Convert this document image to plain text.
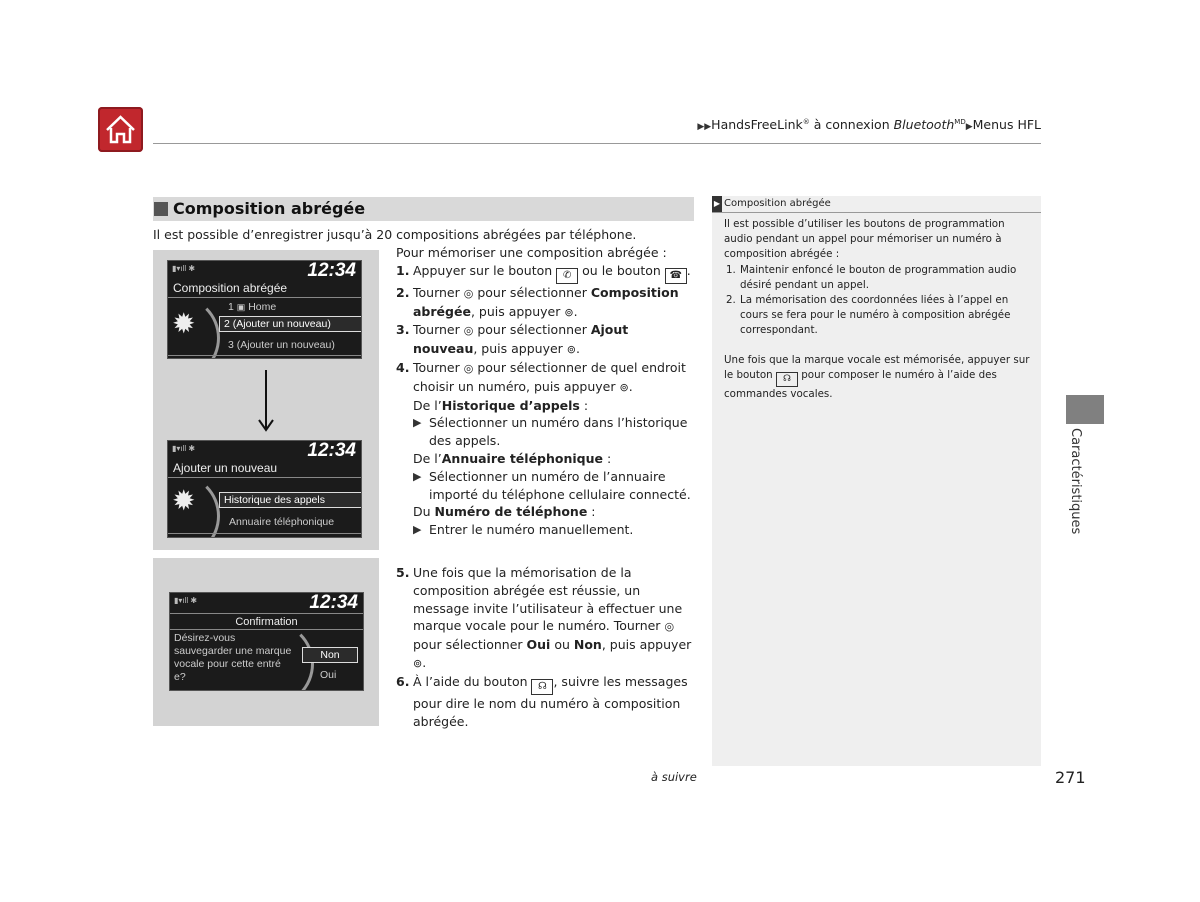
▶▶HandsFreeLink® à connexion Bluetooth$^{MD}$▶Menus HFL
Composition abrégée
Il est possible d’enregistrer jusqu’à 20 compositions abrégées par téléphone.
▮▾ıll ✱	12:34
Composition abrégée
✹
1 ▣ Home
2 (Ajouter un nouveau)
3 (Ajouter un nouveau)
▮▾ıll ✱	12:34
Ajouter un nouveau
✹	Historique des appels
Annuaire téléphonique
▮▾ıll ✱	12:34
Confirmation
Désirez-vous
sauvegarder une marque
vocale pour cette entré
e?
Non
Oui
Pour mémoriser une composition abrégée :
1. Appuyer sur le bouton ✆ ou le bouton ☎ .
2. Tourner ◎ pour sélectionner Composition abrégée, puis appuyer ⊚.
3. Tourner ◎ pour sélectionner Ajout nouveau, puis appuyer ⊚.
4. Tourner ◎ pour sélectionner de quel endroit choisir un numéro, puis appuyer ⊚.
De l’Historique d’appels :
▶ Sélectionner un numéro dans l’historique des appels.
De l’Annuaire téléphonique :
▶ Sélectionner un numéro de l’annuaire importé du téléphone cellulaire connecté.
Du Numéro de téléphone :
▶ Entrer le numéro manuellement.
5. Une fois que la mémorisation de la composition abrégée est réussie, un message invite l’utilisateur à effectuer une marque vocale pour le numéro. Tourner ◎ pour sélectionner Oui ou Non, puis appuyer ⊚.
6. À l’aide du bouton ☊ , suivre les messages pour dire le nom du numéro à composition abrégée.
▶ Composition abrégée
Il est possible d’utiliser les boutons de programmation audio pendant un appel pour mémoriser un numéro à composition abrégée :
1. Maintenir enfoncé le bouton de programmation audio désiré pendant un appel.
2. La mémorisation des coordonnées liées à l’appel en cours se fera pour le numéro à composition abrégée correspondant.
Une fois que la marque vocale est mémorisée, appuyer sur le bouton ☊ pour composer le numéro à l’aide des commandes vocales.
Caractéristiques
à suivre	271
